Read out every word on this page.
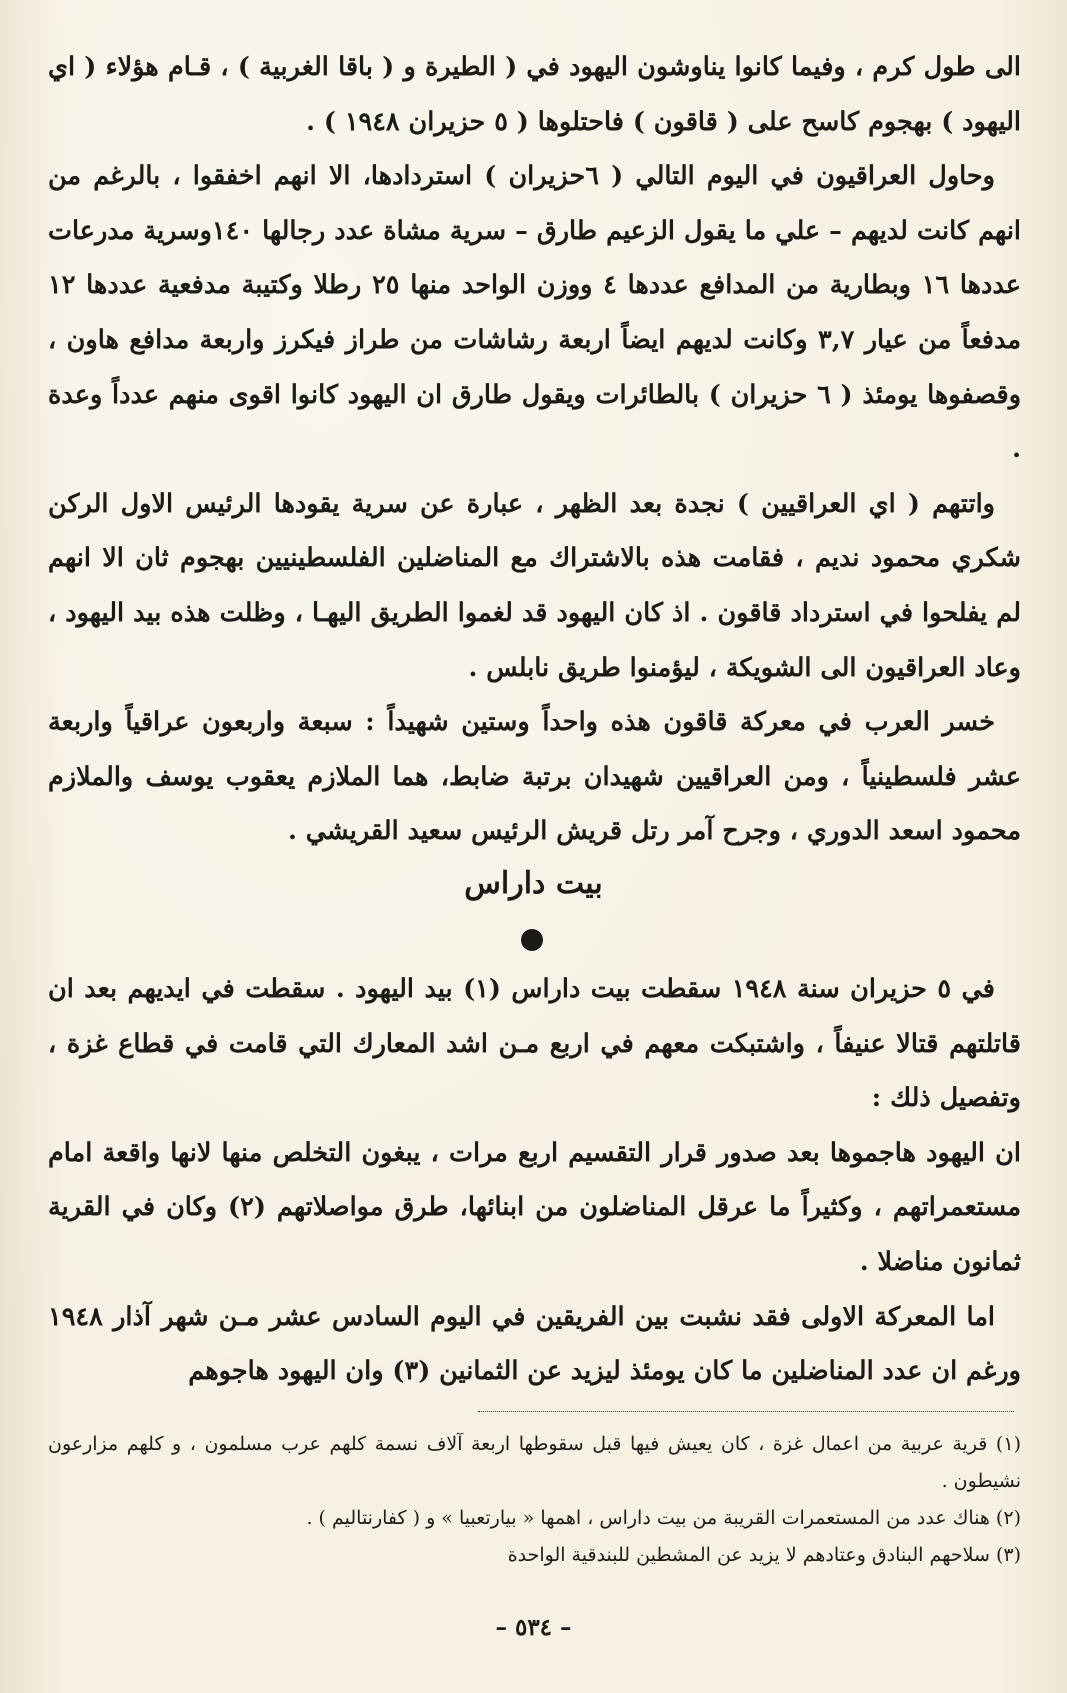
الى طول كرم ، وفيما كانوا يناوشون اليهود في ( الطيرة و ( باقا الغربية ) ، قـام هؤلاء ( اي اليهود ) بهجوم كاسح على ( قاقون ) فاحتلوها ( ٥ حزيران ١٩٤٨ ) .

وحاول العراقيون في اليوم التالي ( ٦حزيران ) استردادها، الا انهم اخفقوا ، بالرغم من انهم كانت لديهم – علي ما يقول الزعيم طارق – سرية مشاة عدد رجالها ١٤٠وسرية مدرعات عددها ١٦ وبطارية من المدافع عددها ٤ ووزن الواحد منها ٢٥ رطلا وكتيبة مدفعية عددها ١٢ مدفعاً من عيار ٣,٧ وكانت لديهم ايضاً اربعة رشاشات من طراز فيكرز واربعة مدافع هاون ، وقصفوها يومئذ ( ٦ حزيران ) بالطائرات ويقول طارق ان اليهود كانوا اقوى منهم عدداً وعدة .

واتتهم ( اي العراقيين ) نجدة بعد الظهر ، عبارة عن سرية يقودها الرئيس الاول الركن شكري محمود نديم ، فقامت هذه بالاشتراك مع المناضلين الفلسطينيين بهجوم ثان الا انهم لم يفلحوا في استرداد قاقون . اذ كان اليهود قد لغموا الطريق اليهـا ، وظلت هذه بيد اليهود ، وعاد العراقيون الى الشويكة ، ليؤمنوا طريق نابلس .

خسر العرب في معركة قاقون هذه واحداً وستين شهيداً : سبعة واربعون عراقياً واربعة عشر فلسطينياً ، ومن العراقيين شهيدان برتبة ضابط، هما الملازم يعقوب يوسف والملازم محمود اسعد الدوري ، وجرح آمر رتل قريش الرئيس سعيد القريشي .

بيت داراس

في ٥ حزيران سنة ١٩٤٨ سقطت بيت داراس (١) بيد اليهود . سقطت في ايديهم بعد ان قاتلتهم قتالا عنيفاً ، واشتبكت معهم في اربع مـن اشد المعارك التي قامت في قطاع غزة ، وتفصيل ذلك :

ان اليهود هاجموها بعد صدور قرار التقسيم اربع مرات ، يبغون التخلص منها لانها واقعة امام مستعمراتهم ، وكثيراً ما عرقل المناضلون من ابنائها، طرق مواصلاتهم (٢) وكان في القرية ثمانون مناضلا .

اما المعركة الاولى فقد نشبت بين الفريقين في اليوم السادس عشر مـن شهر آذار ١٩٤٨ ورغم ان عدد المناضلين ما كان يومئذ ليزيد عن الثمانين (٣) وان اليهود هاجوهم

(١) قرية عربية من اعمال غزة ، كان يعيش فيها قبل سقوطها اربعة آلاف نسمة كلهم عرب مسلمون ، و كلهم مزارعون نشيطون .

(٢) هناك عدد من المستعمرات القريبة من بيت داراس ، اهمها « بيارتعبيا » و ( كفارنتاليم ) .

(٣) سلاحهم البنادق وعتادهم لا يزيد عن المشطين للبندقية الواحدة

– ٥٣٤ –
